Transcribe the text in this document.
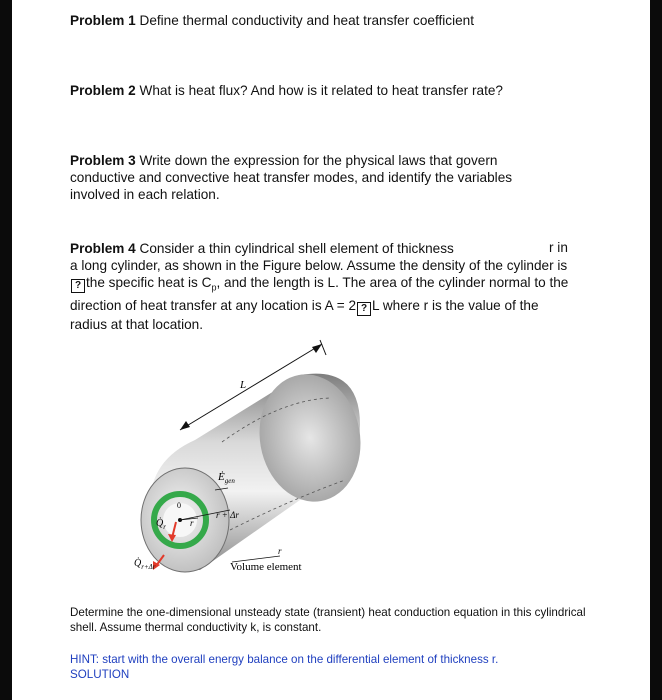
Problem 1 Define thermal conductivity and heat transfer coefficient
Problem 2 What is heat flux? And how is it related to heat transfer rate?
Problem 3 Write down the expression for the physical laws that govern conductive and convective heat transfer modes, and identify the variables involved in each relation.
Problem 4 Consider a thin cylindrical shell element of thickness
a long cylinder, as shown in the Figure below. Assume the density of the cylinder is ? the specific heat is $C_p$, and the length is L. The area of the cylinder normal to the direction of heat transfer at any location is A = 2 ? L where r is the value of the radius at that location.
r in
L
$Ė_{gen}$
0
$Q̇_r$	r
r + Δr
$Q̇_{r+\Delta r}$
r
Volume element
Determine the one-dimensional unsteady state (transient) heat conduction equation in this cylindrical shell. Assume thermal conductivity k, is constant.
HINT: start with the overall energy balance on the differential element of thickness r.
SOLUTION
